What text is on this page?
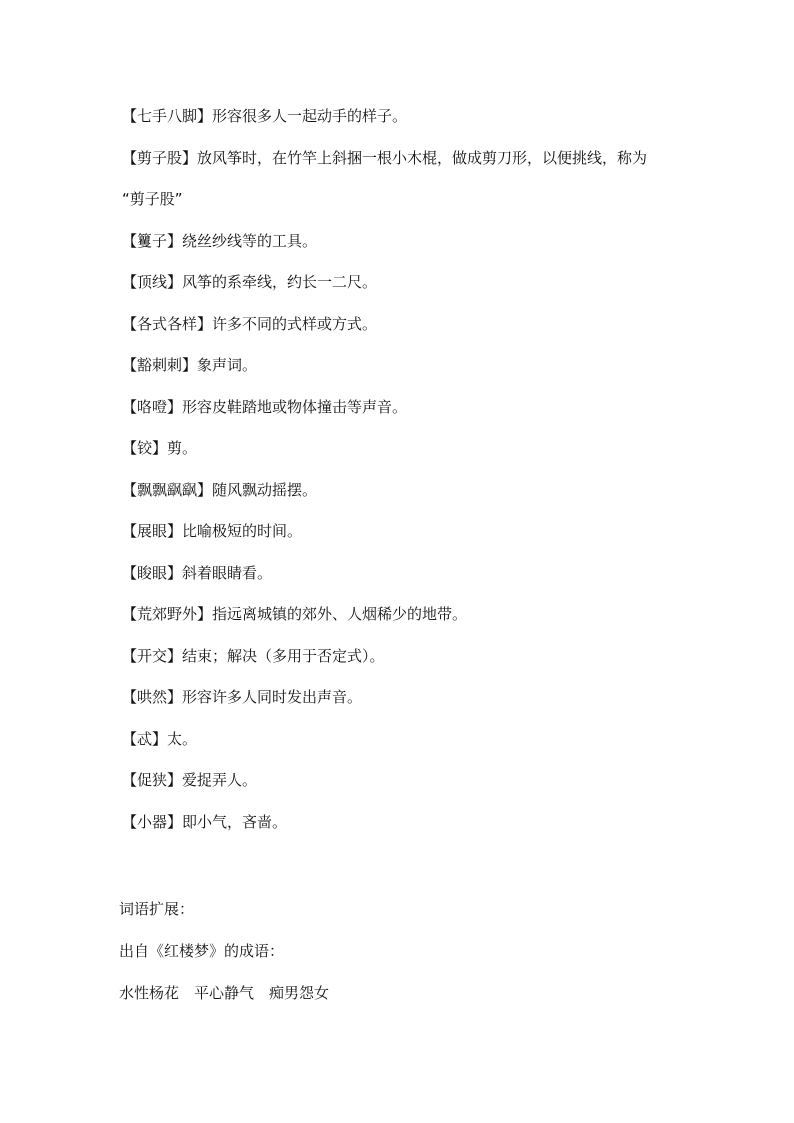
【七手八脚】形容很多人一起动手的样子。
【剪子股】放风筝时，在竹竿上斜捆一根小木棍，做成剪刀形，以便挑线，称为
“剪子股”
【籰子】绕丝纱线等的工具。
【顶线】风筝的系牵线，约长一二尺。
【各式各样】许多不同的式样或方式。
【豁刺刺】象声词。
【咯噔】形容皮鞋踏地或物体撞击等声音。
【铰】剪。
【飘飘飖飖】随风飘动摇摆。
【展眼】比喻极短的时间。
【睃眼】斜着眼睛看。
【荒郊野外】指远离城镇的郊外、人烟稀少的地带。
【开交】结束；解决（多用于否定式）。
【哄然】形容许多人同时发出声音。
【忒】太。
【促狭】爱捉弄人。
【小器】即小气，吝啬。
词语扩展：
出自《红楼梦》的成语：
水性杨花　平心静气　痴男怨女
